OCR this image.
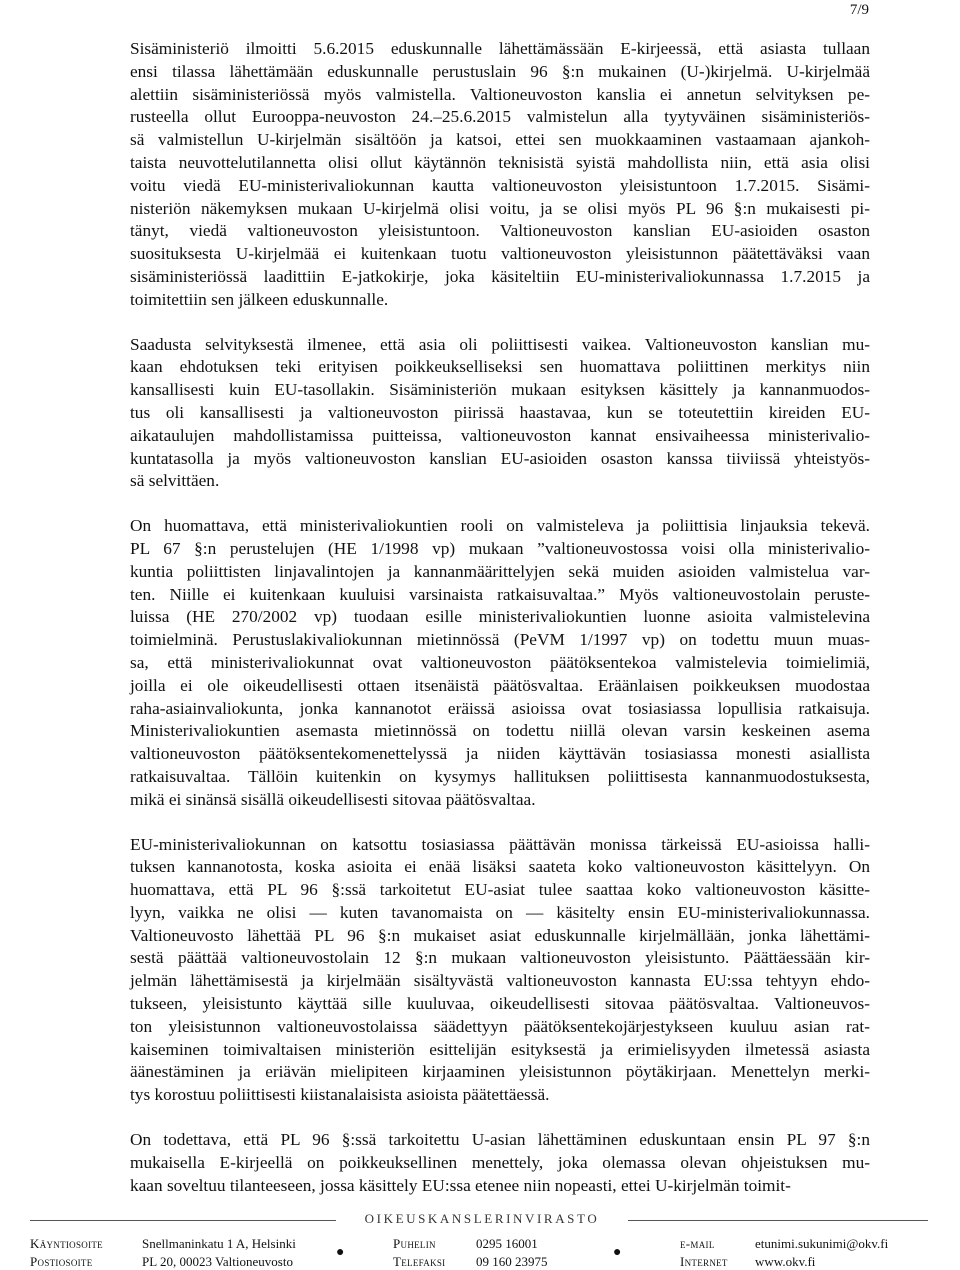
7/9

Sisäministeriö ilmoitti 5.6.2015 eduskunnalle lähettämässään E-kirjeessä, että asiasta tullaan
ensi tilassa lähettämään eduskunnalle perustuslain 96 §:n mukainen (U-)kirjelmä. U-kirjelmää
alettiin sisäministeriössä myös valmistella. Valtioneuvoston kanslia ei annetun selvityksen pe-
rusteella ollut Eurooppa-neuvoston 24.–25.6.2015 valmistelun alla tyytyväinen sisäministeriös-
sä valmistellun U-kirjelmän sisältöön ja katsoi, ettei sen muokkaaminen vastaamaan ajankoh-
taista neuvottelutilannetta olisi ollut käytännön teknisistä syistä mahdollista niin, että asia olisi
voitu viedä EU-ministerivaliokunnan kautta valtioneuvoston yleisistuntoon 1.7.2015. Sisämi-
nisteriön näkemyksen mukaan U-kirjelmä olisi voitu, ja se olisi myös PL 96 §:n mukaisesti pi-
tänyt, viedä valtioneuvoston yleisistuntoon. Valtioneuvoston kanslian EU-asioiden osaston
suosituksesta U-kirjelmää ei kuitenkaan tuotu valtioneuvoston yleisistunnon päätettäväksi vaan
sisäministeriössä laadittiin E-jatkokirje, joka käsiteltiin EU-ministerivaliokunnassa 1.7.2015 ja
toimitettiin sen jälkeen eduskunnalle.

Saadusta selvityksestä ilmenee, että asia oli poliittisesti vaikea. Valtioneuvoston kanslian mu-
kaan ehdotuksen teki erityisen poikkeukselliseksi sen huomattava poliittinen merkitys niin
kansallisesti kuin EU-tasollakin. Sisäministeriön mukaan esityksen käsittely ja kannanmuodos-
tus oli kansallisesti ja valtioneuvoston piirissä haastavaa, kun se toteutettiin kireiden EU-
aikataulujen mahdollistamissa puitteissa, valtioneuvoston kannat ensivaiheessa ministerivalio-
kuntatasolla ja myös valtioneuvoston kanslian EU-asioiden osaston kanssa tiiviissä yhteistyös-
sä selvittäen.

On huomattava, että ministerivaliokuntien rooli on valmisteleva ja poliittisia linjauksia tekevä.
PL 67 §:n perustelujen (HE 1/1998 vp) mukaan ”valtioneuvostossa voisi olla ministerivalio-
kuntia poliittisten linjavalintojen ja kannanmäärittelyjen sekä muiden asioiden valmistelua var-
ten. Niille ei kuitenkaan kuuluisi varsinaista ratkaisuvaltaa.” Myös valtioneuvostolain peruste-
luissa (HE 270/2002 vp) tuodaan esille ministerivaliokuntien luonne asioita valmistelevina
toimielminä. Perustuslakivaliokunnan mietinnössä (PeVM 1/1997 vp) on todettu muun muas-
sa, että ministerivaliokunnat ovat valtioneuvoston päätöksentekoa valmistelevia toimielimiä,
joilla ei ole oikeudellisesti ottaen itsenäistä päätösvaltaa. Eräänlaisen poikkeuksen muodostaa
raha-asiainvaliokunta, jonka kannanotot eräissä asioissa ovat tosiasiassa lopullisia ratkaisuja.
Ministerivaliokuntien asemasta mietinnössä on todettu niillä olevan varsin keskeinen asema
valtioneuvoston päätöksentekomenettelyssä ja niiden käyttävän tosiasiassa monesti asiallista
ratkaisuvaltaa. Tällöin kuitenkin on kysymys hallituksen poliittisesta kannanmuodostuksesta,
mikä ei sinänsä sisällä oikeudellisesti sitovaa päätösvaltaa.

EU-ministerivaliokunnan on katsottu tosiasiassa päättävän monissa tärkeissä EU-asioissa halli-
tuksen kannanotosta, koska asioita ei enää lisäksi saateta koko valtioneuvoston käsittelyyn. On
huomattava, että PL 96 §:ssä tarkoitetut EU-asiat tulee saattaa koko valtioneuvoston käsitte-
lyyn, vaikka ne olisi — kuten tavanomaista on — käsitelty ensin EU-ministerivaliokunnassa.
Valtioneuvosto lähettää PL 96 §:n mukaiset asiat eduskunnalle kirjelmällään, jonka lähettämi-
sestä päättää valtioneuvostolain 12 §:n mukaan valtioneuvoston yleisistunto. Päättäessään kir-
jelmän lähettämisestä ja kirjelmään sisältyvästä valtioneuvoston kannasta EU:ssa tehtyyn ehdo-
tukseen, yleisistunto käyttää sille kuuluvaa, oikeudellisesti sitovaa päätösvaltaa. Valtioneuvos-
ton yleisistunnon valtioneuvostolaissa säädettyyn päätöksentekojärjestykseen kuuluu asian rat-
kaiseminen toimivaltaisen ministeriön esittelijän esityksestä ja erimielisyyden ilmetessä asiasta
äänestäminen ja eriävän mielipiteen kirjaaminen yleisistunnon pöytäkirjaan. Menettelyn merki-
tys korostuu poliittisesti kiistanalaisista asioista päätettäessä.

On todettava, että PL 96 §:ssä tarkoitettu U-asian lähettäminen eduskuntaan ensin PL 97 §:n
mukaisella E-kirjeellä on poikkeuksellinen menettely, joka olemassa olevan ohjeistuksen mu-
kaan soveltuu tilanteeseen, jossa käsittely EU:ssa etenee niin nopeasti, ettei U-kirjelmän toimit-

OIKEUSKANSLERINVIRASTO
Käyntiosoite	Snellmaninkatu 1 A, Helsinki
Postiosoite	PL 20, 00023 Valtioneuvosto
●
Puhelin	0295 16001
Telefaksi 09 160 23975
●
e-mail	etunimi.sukunimi@okv.fi
Internet www.okv.fi
